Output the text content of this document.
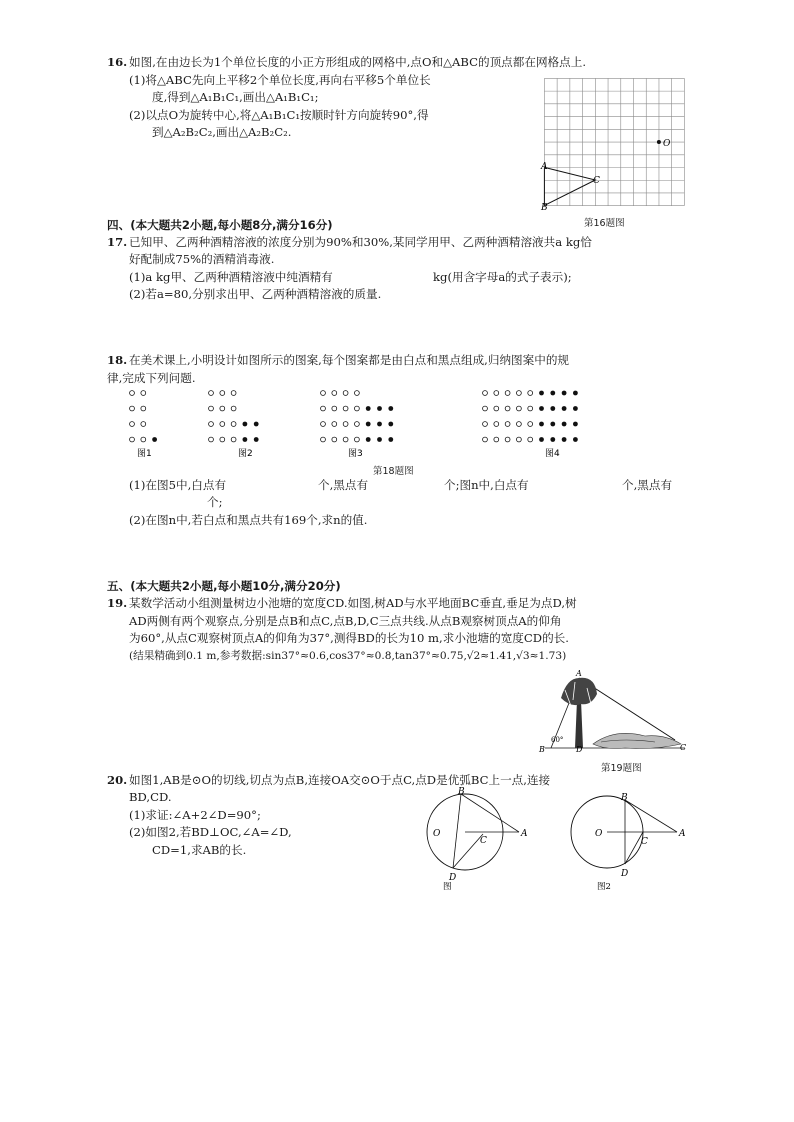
16. 如图,在由边长为1个单位长度的小正方形组成的网格中,点O和△ABC的顶点都在网格点上.
(1)将△ABC先向上平移2个单位长度,再向右平移5个单位长
度,得到△A₁B₁C₁,画出△A₁B₁C₁;
(2)以点O为旋转中心,将△A₁B₁C₁按顺时针方向旋转90°,得
到△A₂B₂C₂,画出△A₂B₂C₂.
O
A
B
C
第16题图
四、(本大题共2小题,每小题8分,满分16分)
17. 已知甲、乙两种酒精溶液的浓度分别为90%和30%,某同学用甲、乙两种酒精溶液共a kg恰
好配制成75%的酒精消毒液.
(1)a kg甲、乙两种酒精溶液中纯酒精有	kg(用含字母a的式子表示);
(2)若a=80,分别求出甲、乙两种酒精溶液的质量.
18. 在美术课上,小明设计如图所示的图案,每个图案都是由白点和黑点组成,归纳图案中的规
律,完成下列问题.
图1	图2	图3	图4
第18题图
(1)在图5中,白点有	个,黑点有	个;图n中,白点有	个,黑点有
个;
(2)在图n中,若白点和黑点共有169个,求n的值.
五、(本大题共2小题,每小题10分,满分20分)
19. 某数学活动小组测量树边小池塘的宽度CD.如图,树AD与水平地面BC垂直,垂足为点D,树
AD两侧有两个观察点,分别是点B和点C,点B,D,C三点共线.从点B观察树顶点A的仰角
为60°,从点C观察树顶点A的仰角为37°,测得BD的长为10 m,求小池塘的宽度CD的长.
(结果精确到0.1 m,参考数据:sin37°≈0.6,cos37°≈0.8,tan37°≈0.75,√2≈1.41,√3≈1.73)
A
B	D	C
60°
第19题图
20. 如图1,AB是⊙O的切线,切点为点B,连接OA交⊙O于点C,点D是优弧BC上一点,连接
BD,CD.
(1)求证:∠A+2∠D=90°;
(2)如图2,若BD⊥OC,∠A=∠D,
CD=1,求AB的长.
O
B
A
C
D
图
O
B
A
C
D
图2
